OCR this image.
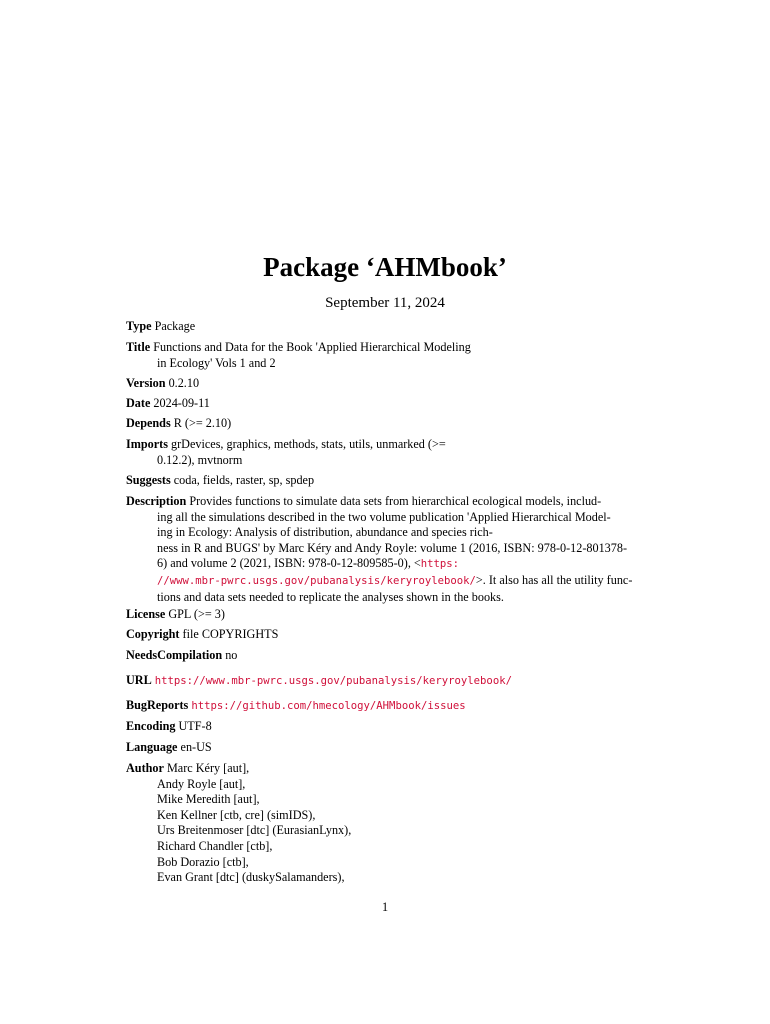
Package ‘AHMbook’
September 11, 2024
Type Package
Title Functions and Data for the Book 'Applied Hierarchical Modeling
in Ecology' Vols 1 and 2
Version 0.2.10
Date 2024-09-11
Depends R (>= 2.10)
Imports grDevices, graphics, methods, stats, utils, unmarked (>=
0.12.2), mvtnorm
Suggests coda, fields, raster, sp, spdep
Description Provides functions to simulate data sets from hierarchical ecological models, includ-
ing all the simulations described in the two volume publication 'Applied Hierarchical Model-
ing in Ecology: Analysis of distribution, abundance and species rich-
ness in R and BUGS' by Marc Kéry and Andy Royle: volume 1 (2016, ISBN: 978-0-12-801378-
6) and volume 2 (2021, ISBN: 978-0-12-809585-0), <https:
//www.mbr-pwrc.usgs.gov/pubanalysis/keryroylebook/>. It also has all the utility func-
tions and data sets needed to replicate the analyses shown in the books.
License GPL (>= 3)
Copyright file COPYRIGHTS
NeedsCompilation no
URL https://www.mbr-pwrc.usgs.gov/pubanalysis/keryroylebook/
BugReports https://github.com/hmecology/AHMbook/issues
Encoding UTF-8
Language en-US
Author Marc Kéry [aut],
Andy Royle [aut],
Mike Meredith [aut],
Ken Kellner [ctb, cre] (simIDS),
Urs Breitenmoser [dtc] (EurasianLynx),
Richard Chandler [ctb],
Bob Dorazio [ctb],
Evan Grant [dtc] (duskySalamanders),
1
